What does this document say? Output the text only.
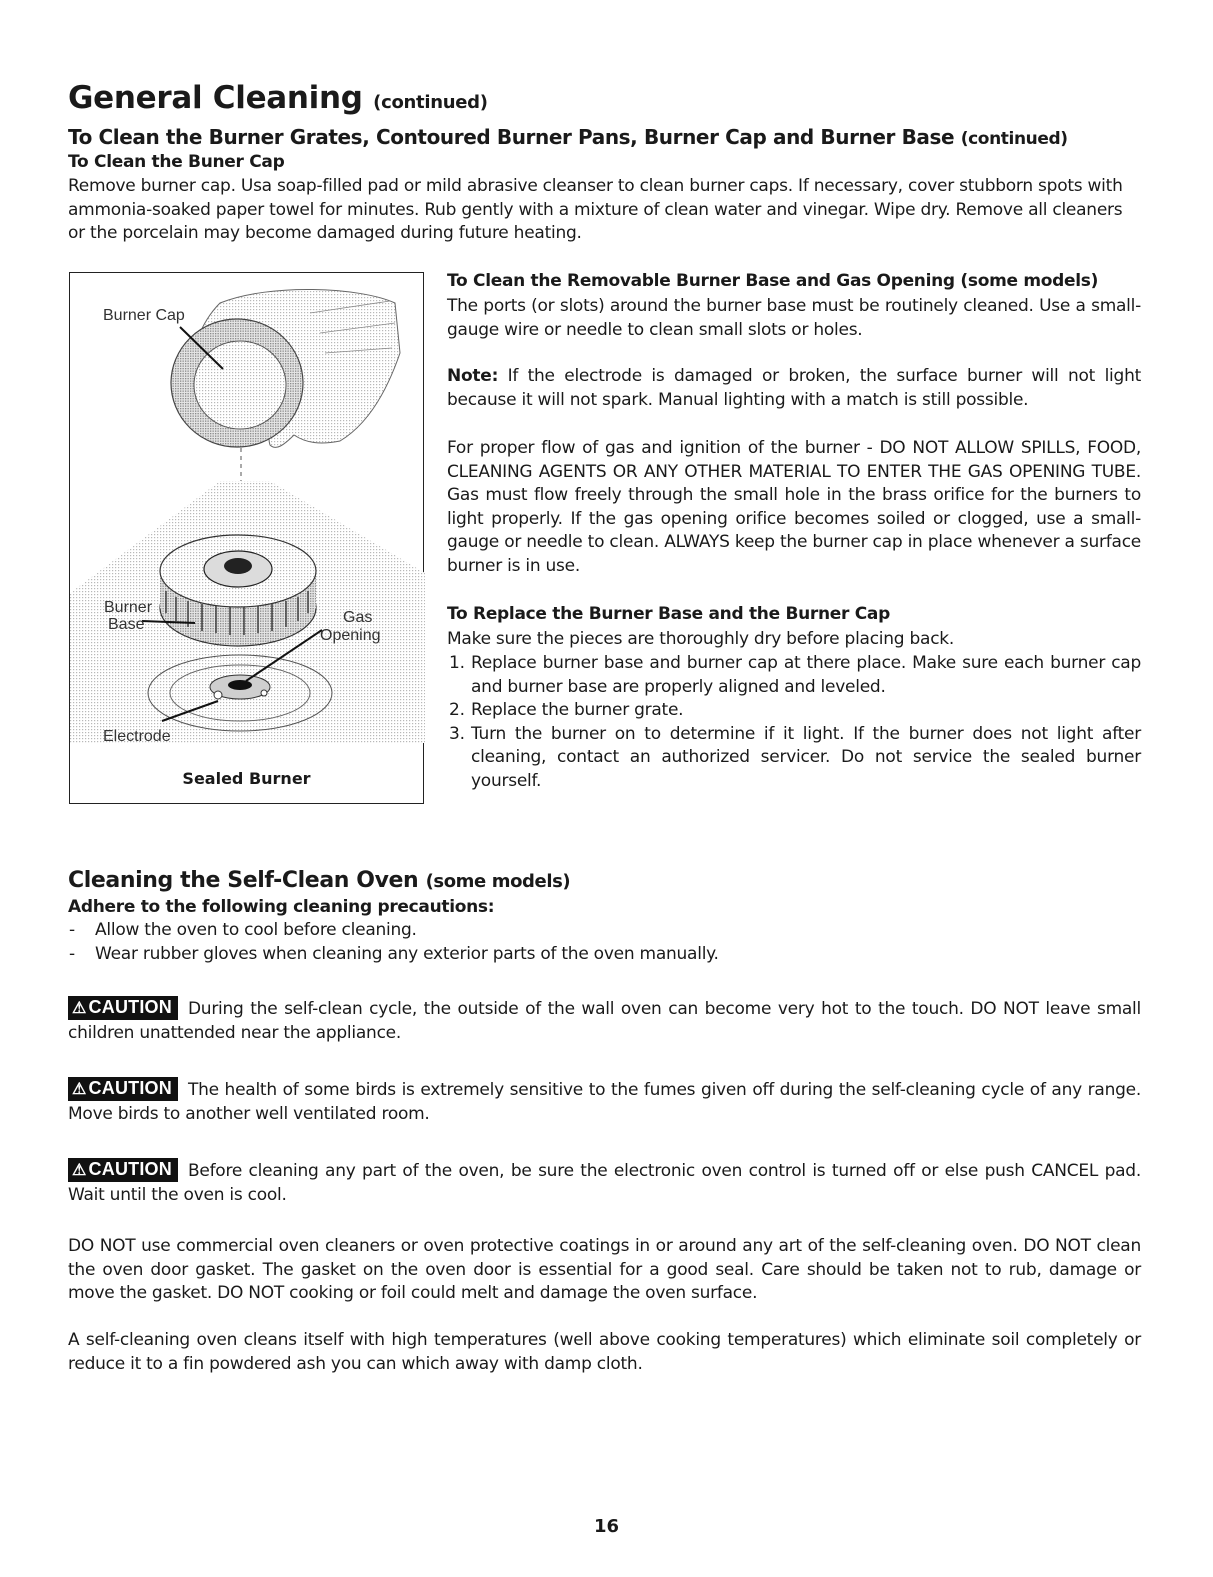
General Cleaning (continued)
To Clean the Burner Grates, Contoured Burner Pans, Burner Cap and Burner Base (continued)
To Clean the Buner Cap
Remove burner cap. Usa soap-filled pad or mild abrasive cleanser to clean burner caps. If necessary, cover stubborn spots with ammonia-soaked paper towel for minutes. Rub gently with a mixture of clean water and vinegar. Wipe dry. Remove all cleaners or the porcelain may become damaged during future heating.
Burner Cap
Burner
Base	Gas
Opening
Electrode
Sealed Burner
To Clean the Removable Burner Base and Gas Opening (some models)
The ports (or slots) around the burner base must be routinely cleaned. Use a small-gauge wire or needle to clean small slots or holes.
Note: If the electrode is damaged or broken, the surface burner will not light because it will not spark. Manual lighting with a match is still possible.
For proper flow of gas and ignition of the burner - DO NOT ALLOW SPILLS, FOOD, CLEANING AGENTS OR ANY OTHER MATERIAL TO ENTER THE GAS OPENING TUBE. Gas must flow freely through the small hole in the brass orifice for the burners to light properly. If the gas opening orifice becomes soiled or clogged, use a small-gauge or needle to clean. ALWAYS keep the burner cap in place whenever a surface burner is in use.
To Replace the Burner Base and the Burner Cap
Make sure the pieces are thoroughly dry before placing back.
1. Replace burner base and burner cap at there place. Make sure each burner cap and burner base are properly aligned and leveled.
2. Replace the burner grate.
3. Turn the burner on to determine if it light. If the burner does not light after cleaning, contact an authorized servicer. Do not service the sealed burner yourself.
Cleaning the Self-Clean Oven (some models)
Adhere to the following cleaning precautions:
- Allow the oven to cool before cleaning.
- Wear rubber gloves when cleaning any exterior parts of the oven manually.
⚠ CAUTION During the self-clean cycle, the outside of the wall oven can become very hot to the touch. DO NOT leave small children unattended near the appliance.
⚠ CAUTION The health of some birds is extremely sensitive to the fumes given off during the self-cleaning cycle of any range. Move birds to another well ventilated room.
⚠ CAUTION Before cleaning any part of the oven, be sure the electronic oven control is turned off or else push CANCEL pad. Wait until the oven is cool.
DO NOT use commercial oven cleaners or oven protective coatings in or around any art of the self-cleaning oven. DO NOT clean the oven door gasket. The gasket on the oven door is essential for a good seal. Care should be taken not to rub, damage or move the gasket. DO NOT cooking or foil could melt and damage the oven surface.
A self-cleaning oven cleans itself with high temperatures (well above cooking temperatures) which eliminate soil completely or reduce it to a fin powdered ash you can which away with damp cloth.
16
